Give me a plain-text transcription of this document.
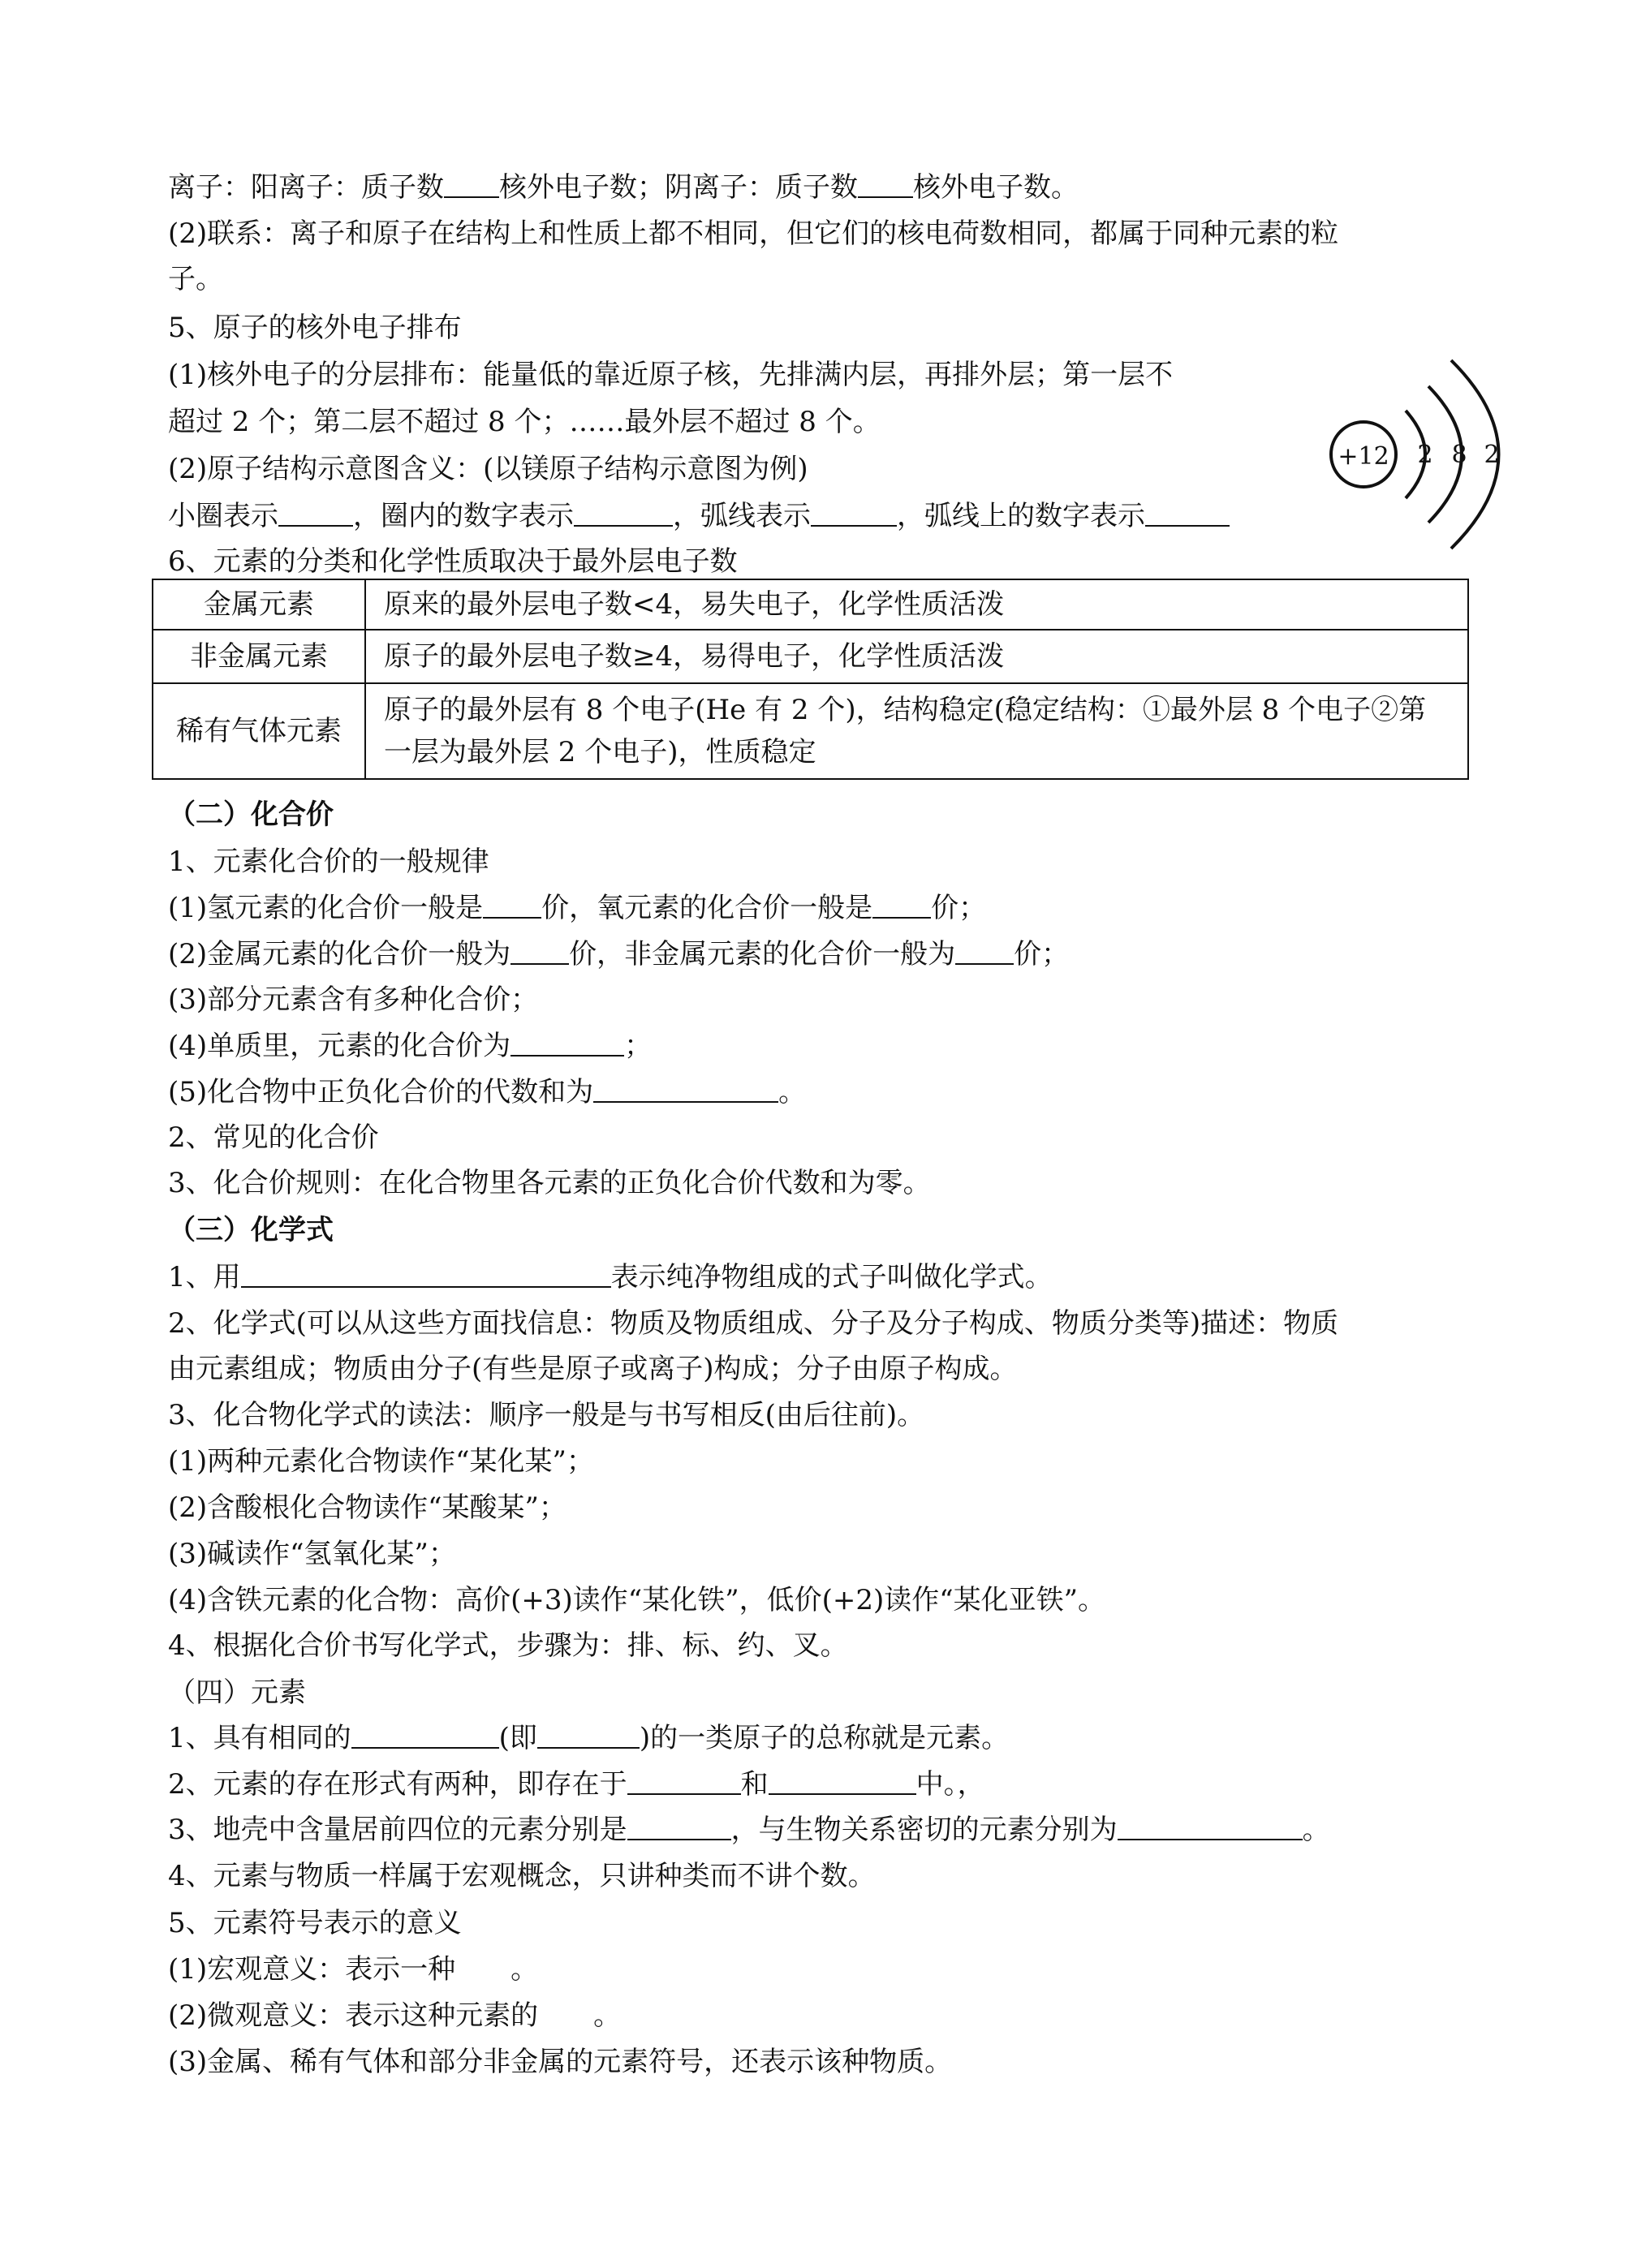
离子：阳离子：质子数 核外电子数；阴离子：质子数 核外电子数。
(2)联系：离子和原子在结构上和性质上都不相同，但它们的核电荷数相同，都属于同种元素的粒
子。
5、原子的核外电子排布
(1)核外电子的分层排布：能量低的靠近原子核，先排满内层，再排外层；第一层不
超过 2 个；第二层不超过 8 个；……最外层不超过 8 个。
(2)原子结构示意图含义：(以镁原子结构示意图为例)
小圈表示	，圈内的数字表示	，弧线表示	，弧线上的数字表示
6、元素的分类和化学性质取决于最外层电子数
+12 2 8 2
金属元素	原来的最外层电子数<4，易失电子，化学性质活泼
非金属元素	原子的最外层电子数≥4，易得电子，化学性质活泼
稀有气体元素	原子的最外层有 8 个电子(He 有 2 个)，结构稳定(稳定结构：①最外层 8 个电子②第一层为最外层 2 个电子)，性质稳定
（二）化合价
1、元素化合价的一般规律
(1)氢元素的化合价一般是 价，氧元素的化合价一般是 价；
(2)金属元素的化合价一般为 价，非金属元素的化合价一般为 价；
(3)部分元素含有多种化合价；
(4)单质里，元素的化合价为	；
(5)化合物中正负化合价的代数和为	。
2、常见的化合价
3、化合价规则：在化合物里各元素的正负化合价代数和为零。
（三）化学式
1、用	表示纯净物组成的式子叫做化学式。
2、化学式(可以从这些方面找信息：物质及物质组成、分子及分子构成、物质分类等)描述：物质
由元素组成；物质由分子(有些是原子或离子)构成；分子由原子构成。
3、化合物化学式的读法：顺序一般是与书写相反(由后往前)。
(1)两种元素化合物读作“某化某”；
(2)含酸根化合物读作“某酸某”；
(3)碱读作“氢氧化某”；
(4)含铁元素的化合物：高价(+3)读作“某化铁”，低价(+2)读作“某化亚铁”。
4、根据化合价书写化学式，步骤为：排、标、约、叉。
（四）元素
1、具有相同的	(即	)的一类原子的总称就是元素。
2、元素的存在形式有两种，即存在于	和	中。，
3、地壳中含量居前四位的元素分别是	，与生物关系密切的元素分别为	。
4、元素与物质一样属于宏观概念，只讲种类而不讲个数。
5、元素符号表示的意义
(1)宏观意义：表示一种　　。
(2)微观意义：表示这种元素的　　。
(3)金属、稀有气体和部分非金属的元素符号，还表示该种物质。
